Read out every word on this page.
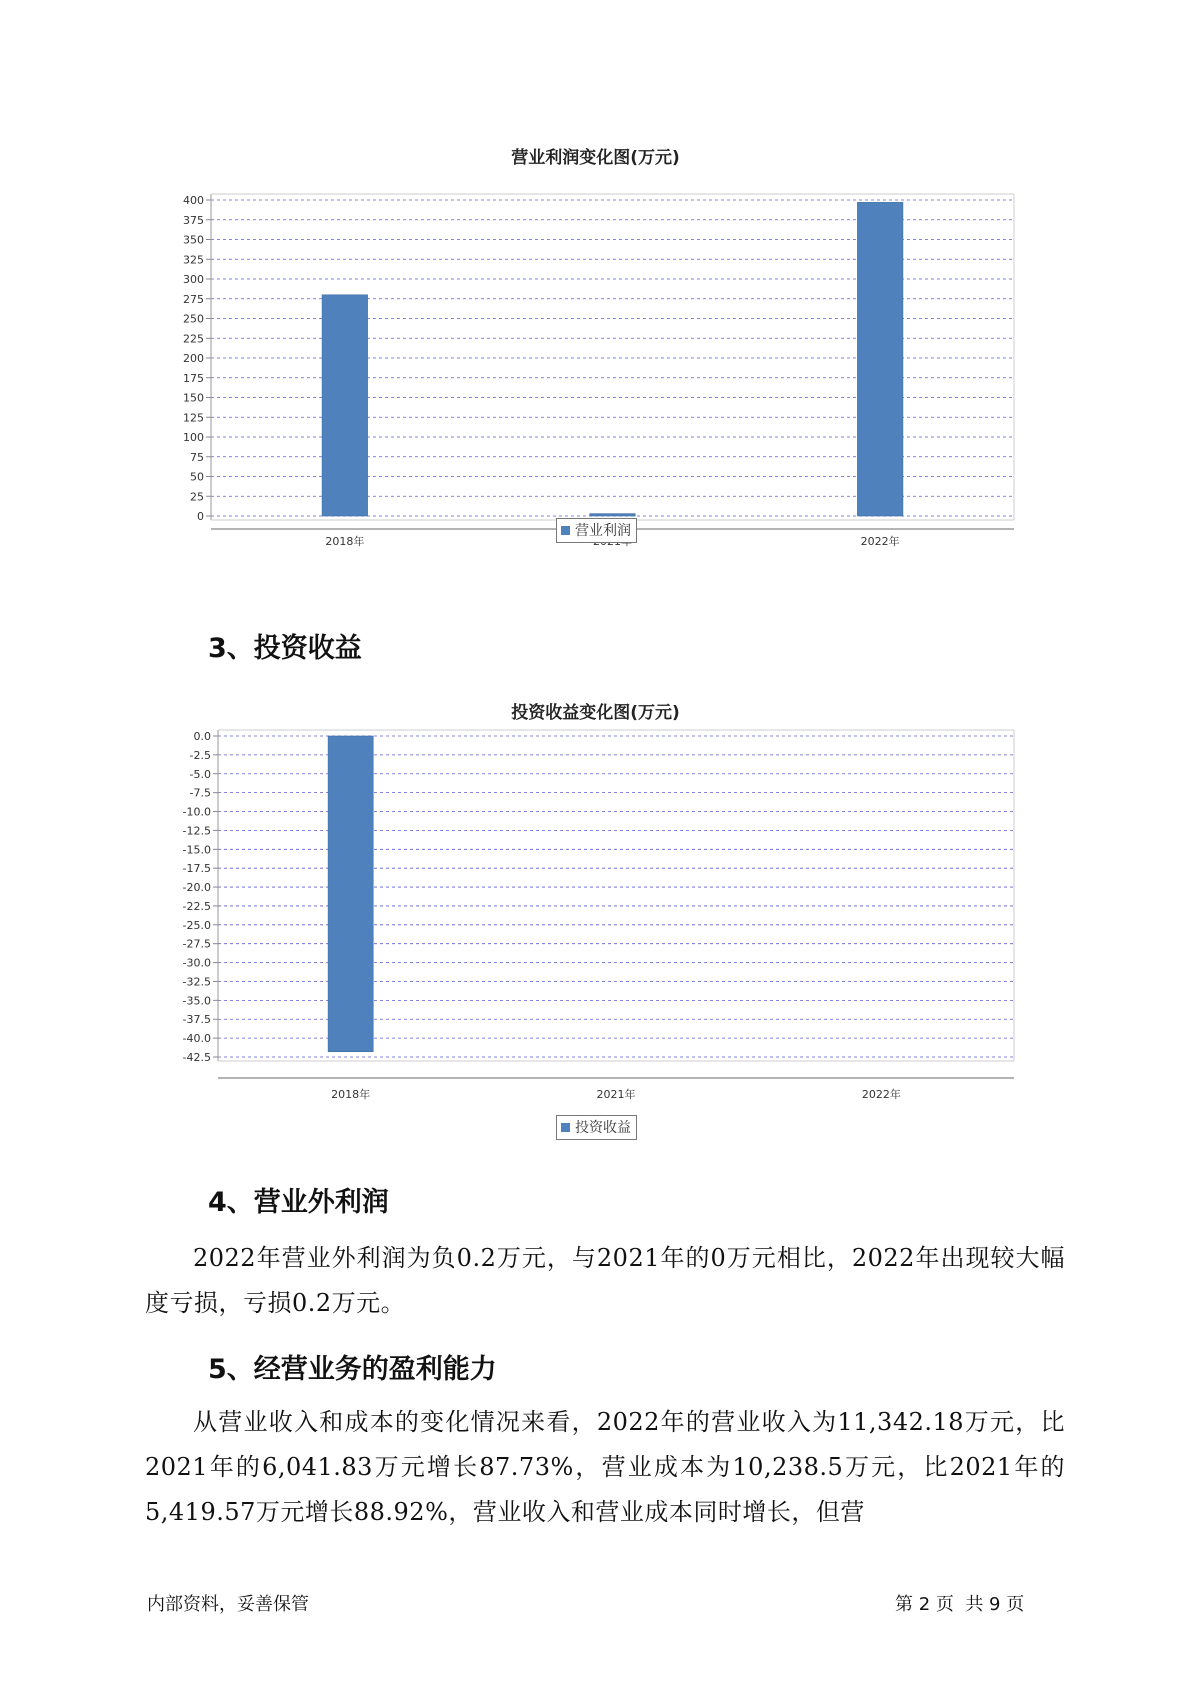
营业利润变化图(万元)
0
25
50
75
100
125
150
175
200
225
250
275
300
325
350
375
400
2018年	2022年
营业利润
3、投资收益
投资收益变化图(万元)
0.0
-2.5
-5.0
-7.5
-10.0
-12.5
-15.0
-17.5
-20.0
-22.5
-25.0
-27.5
-30.0
-32.5
-35.0
-37.5
-40.0
-42.5
2018年	2021年	2022年
投资收益
4、营业外利润

2022年营业外利润为负0.2万元，与2021年的0万元相比，2022年出现较大幅度亏损，亏损0.2万元。

5、经营业务的盈利能力

从营业收入和成本的变化情况来看，2022年的营业收入为11,342.18万元，比2021年的6,041.83万元增长87.73%，营业成本为10,238.5万元，比2021年的5,419.57万元增长88.92%，营业收入和营业成本同时增长，但营

内部资料，妥善保管	第 2 页  共 9 页
